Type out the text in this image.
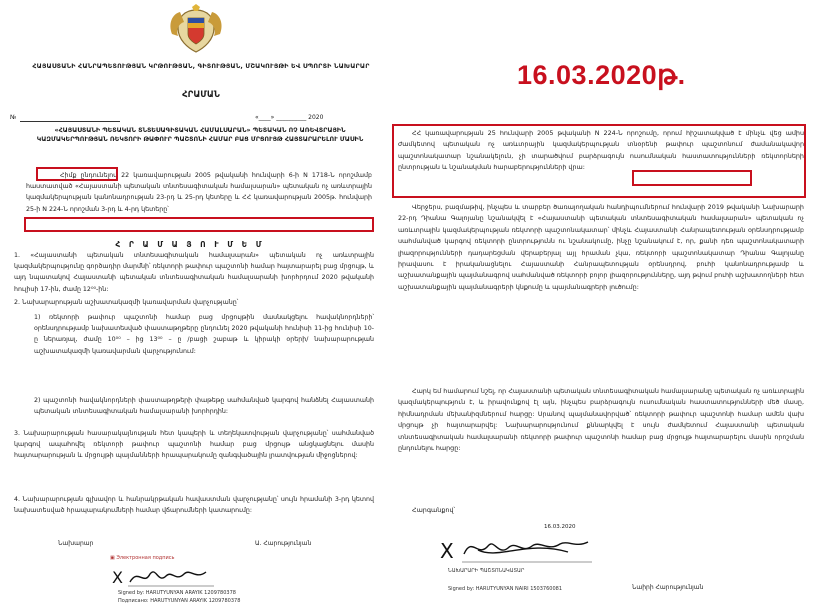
ՀԱՅԱՍՏԱՆԻ ՀԱՆՐԱՊԵՏՈՒԹՅԱՆ ԿՐԹՈՒԹՅԱՆ, ԳԻՏՈՒԹՅԱՆ, ՄՇԱԿՈՒՅԹԻ ԵՎ ՍՊՈՐՏԻ ՆԱԽԱՐԱՐ
ՀՐԱՄԱՆ
№	«____» __________ 2020
«ՀԱՅԱՍՏԱՆԻ ՊԵՏԱԿԱՆ ՏՆՏԵՍԱԳԻՏԱԿԱՆ ՀԱՄԱԼՍԱՐԱՆ» ՊԵՏԱԿԱՆ ՈՉ ԱՌԵՎՏՐԱՅԻՆ ԿԱԶՄԱԿԵՐՊՈՒԹՅԱՆ ՌԵԿՏՈՐԻ ԹԱՓՈՒՐ ՊԱՇՏՈՆԻ ՀԱՄԱՐ ԲԱՑ ՄՐՑՈՒՅԹ ՀԱՅՏԱՐԱՐԵԼՈՒ ՄԱՍԻՆ
Հիմք ընդունելով 22 կառավարության 2005 թվականի հունվարի 6-ի N 1718-Ն որոշմամբ հաստատված «Հայաստանի պետական տնտեսագիտական համալսարան» պետական ոչ առևտրային կազմակերպության կանոնադրության 23-րդ և 25-րդ կետերը և ՀՀ կառավարության 2005թ. հունվարի 25-ի N 224-Ն որոշման 3-րդ և 4-րդ կետերը՝
Հ Ր Ա Մ Ա Յ Ո Ւ Մ Ե Մ
1. «Հայաստանի պետական տնտեսագիտական համալսարան» պետական ոչ առևտրային կազմակերպությունը գործադիր մարմնի՝ ռեկտորի թափուր պաշտոնի համար հայտարարել բաց մրցույթ, և այդ նպատակով Հայաստանի պետական տնտեսագիտական համալսարանի խորհրդում 2020 թվականի հուլիսի 17-ին, ժամը 12⁰⁰-ին:
2. Նախարարության աշխատակազմի կառավարման վարչությանը՝
1) ռեկտորի թափուր պաշտոնի համար բաց մրցույթին մասնակցելու հավակնորդների՝ օրենսդրությամբ նախատեսված փաստաթղթերը ընդունել 2020 թվականի հունիսի 11-ից հունիսի 10-ը ներառյալ, ժամը 10⁰⁰ – ից 13⁰⁰ – ը /բացի շաբաթ և կիրակի օրերի/ նախարարության աշխատակազմի կառավարման վարչությունում:
2) պաշտոնի հավակնորդների փաստաթղթերի փաթեթը սահմանված կարգով հանձնել Հայաստանի պետական տնտեսագիտական համալսարանի խորհրդին:
3. Նախարարության հասարակայնության հետ կապերի և տեղեկատվության վարչությանը՝ սահմանված կարգով ապահովել ռեկտորի թափուր պաշտոնի համար բաց մրցույթ անցկացնելու մասին հայտարարության և մրցույթի պայմանների հրապարակումը զանգվածային լրատվության միջոցներով:
4. Նախարարության գլխավոր և հանրակրթական հավաստման վարչությանը՝ սույն հրամանի 3-րդ կետով նախատեսված հրապարակումների համար վճարումների կատարումը:
Նախարար	Ա. Հարությունյան
▣ Электронная подпись
X
Signed by: HARUTYUNYAN ARAYIK 1209780378
Подписано: HARUTYUNYAN ARAYIK 1209780378
16.03.2020թ.
ՀՀ կառավարության 25 հունվարի 2005 թվականի N 224-Ն որոշումը, որում հիշատակված է մինչև վեց ամիս ժամկետով պետական ոչ առևտրային կազմակերպության տնօրենի թափուր պաշտոնում ժամանակավոր պաշտոնակատար նշանակելուն, չի տարածվում բարձրագույն ուսումնական հաստատությունների ռեկտորների ընտրության և նշանակման հարաբերությունների վրա:
Վերջերս, բազմաթիվ, ինչպես և տարբեր ծառայողական հանդիպումներում հունվարի 2019 թվականի Նախարարի 22-րդ Դիանա Գալոյանը նշանակվել է «Հայաստանի պետական տնտեսագիտական համալսարան» պետական ոչ առևտրային կազմակերպության ռեկտորի պաշտոնակատար՝ մինչև Հայաստանի Հանրապետության օրենսդրությամբ սահմանված կարգով ռեկտորի ընտրությունն ու նշանակումը, ինչը նշանակում է, որ, քանի դեռ պաշտոնակատարի լիազորությունների դադարեցման վերաբերյալ այլ հրաման չկա, ռեկտորի պաշտոնակատար Դիանա Գալոյանը իրավասու է իրականացնելու Հայաստանի Հանրապետության օրենսդրով, բուհի կանոնադրությամբ և աշխատանքային պայմանագրով սահմանված ռեկտորի բոլոր լիազորությունները, այդ թվում բուհի աշխատողների հետ աշխատանքային պայմանագրերի կնքումը և պայմանագրերի լուծումը:
Հարկ եմ համարում նշել, որ Հայաստանի պետական տնտեսագիտական համալսարանը պետական ոչ առևտրային կազմակերպություն է, և իրավունքով էլ այն, ինչպես բարձրագույն ուսումնական հաստատությունների մեծ մասը, հիմնադրման մեխանիզմներում հարցը: Սրանով պայմանավորված՝ ռեկտորի թափուր պաշտոնի համար ամեն վախ մրցույթ չի հայտարարվել: Նախարարությունում քննարկվել է սույն ժամկետում Հայաստանի պետական տնտեսագիտական համալսարանի ռեկտորի թափուր պաշտոնի համար բաց մրցույթ հայտարարելու մասին որոշման ընդունելու հարցը:
Հարգանքով՝
16.03.2020
X
ՆԱԽԱՐԱՐԻ ՊԱՇՏՈՆԱԿԱՏԱՐ
Signed by: HARUTYUNYAN NAIRI 1503760081	Նաիրի Հարությունյան
